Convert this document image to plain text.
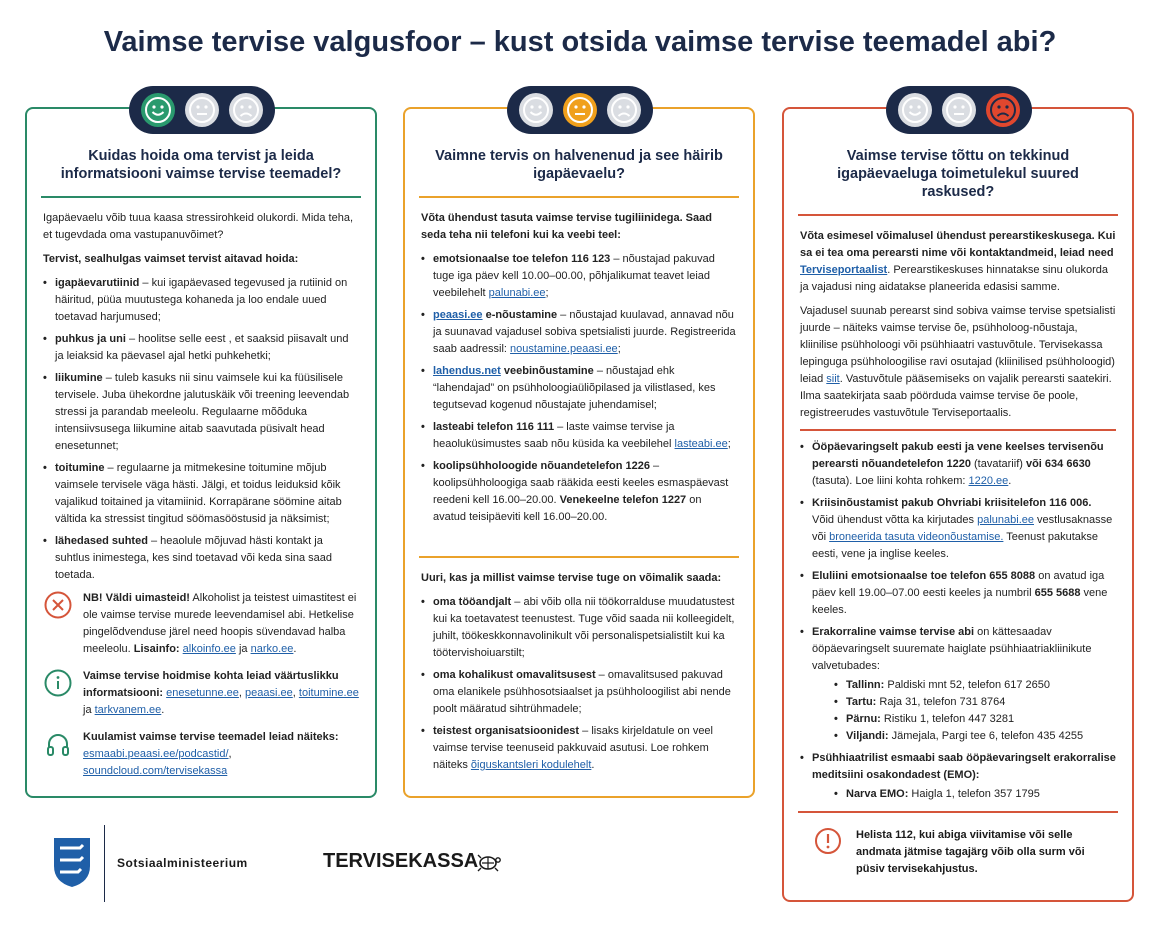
Vaimse tervise valgusfoor – kust otsida vaimse tervise teemadel abi?
Kuidas hoida oma tervist ja leida informatsiooni vaimse tervise teemadel?

Igapäevaelu võib tuua kaasa stressirohkeid olukordi. Mida teha, et tugevdada oma vastupanuvõimet?

Tervist, sealhulgas vaimset tervist aitavad hoida:

• igapäevarutiinid – kui igapäevased tegevused ja rutiinid on häiritud, püüa muutustega kohaneda ja loo endale uued toetavad harjumused;
• puhkus ja uni – hoolitse selle eest , et saaksid piisavalt und ja leiaksid ka päevasel ajal hetki puhkehetki;
• liikumine – tuleb kasuks nii sinu vaimsele kui ka füüsilisele tervisele. Juba ühekordne jalutuskäik või treening leevendab stressi ja parandab meeleolu. Regulaarne mõõduka intensiivsusega liikumine aitab saavutada püsivalt head enesetunnet;
• toitumine – regulaarne ja mitmekesine toitumine mõjub vaimsele tervisele väga hästi. Jälgi, et toidus leiduksid kõik vajalikud toitained ja vitamiinid. Korrapärane söömine aitab vältida ka stressist tingitud söömasööstusid ja näksimist;
• lähedased suhted – heaolule mõjuvad hästi kontakt ja suhtlus inimestega, kes sind toetavad või keda sina saad toetada.
NB! Väldi uimasteid! Alkoholist ja teistest uimastitest ei ole vaimse tervise murede leevendamisel abi. Hetkelise pingelõdvenduse järel need hoopis süvendavad halba meeleolu. Lisainfo: alkoinfo.ee ja narko.ee.
Vaimse tervise hoidmise kohta leiad väärtuslikku informatsiooni: enesetunne.ee, peaasi.ee, toitumine.ee ja tarkvanem.ee.
Kuulamist vaimse tervise teemadel leiad näiteks:
esmaabi.peaasi.ee/podcastid/,
soundcloud.com/tervisekassa
Vaimne tervis on halvenenud ja see häirib igapäevaelu?

Võta ühendust tasuta vaimse tervise tugiliinidega. Saad seda teha nii telefoni kui ka veebi teel:

• emotsionaalse toe telefon 116 123 – nõustajad pakuvad tuge iga päev kell 10.00–00.00, põhjalikumat teavet leiad veebilehelt palunabi.ee;
• peaasi.ee e-nõustamine – nõustajad kuulavad, annavad nõu ja suunavad vajadusel sobiva spetsialisti juurde. Registreerida saab aadressil: noustamine.peaasi.ee;
• lahendus.net veebinõustamine – nõustajad ehk “lahendajad” on psühholoogiaüliõpilased ja vilistlased, kes tegutsevad kogenud nõustajate juhendamisel;
• lasteabi telefon 116 111 – laste vaimse tervise ja heaoluküsimustes saab nõu küsida ka veebilehel lasteabi.ee;
• koolipsühholoogide nõuandetelefon 1226 – koolipsühholoogiga saab rääkida eesti keeles esmaspäevast reedeni kell 16.00–20.00. Venekeelne telefon 1227 on avatud teisipäeviti kell 16.00–20.00.

Uuri, kas ja millist vaimse tervise tuge on võimalik saada:

• oma tööandjalt – abi võib olla nii töökorralduse muudatustest kui ka toetavatest teenustest. Tuge võid saada nii kolleegidelt, juhilt, töökeskkonnavolinikult või personalispetsialistilt kui ka töötervishoiuarstilt;
• oma kohalikust omavalitsusest – omavalitsused pakuvad oma elanikele psühhosotsiaalset ja psühholoogilist abi nende poolt määratud sihtrühmadele;
• teistest organisatsioonidest – lisaks kirjeldatule on veel vaimse tervise teenuseid pakkuvaid asutusi. Loe rohkem näiteks õiguskantsleri kodulehelt.
Vaimse tervise tõttu on tekkinud igapäevaeluga toimetulekul suured raskused?

Võta esimesel võimalusel ühendust perearstikeskusega. Kui sa ei tea oma perearsti nime või kontaktandmeid, leiad need Terviseportaalist. Perearstikeskuses hinnatakse sinu olukorda ja vajadusi ning aidatakse planeerida edasisi samme.

Vajadusel suunab perearst sind sobiva vaimse tervise spetsialisti juurde – näiteks vaimse tervise õe, psühholoog-nõustaja, kliinilise psühholoogi või psühhiaatri vastuvõtule. Tervisekassa lepinguga psühholoogilise ravi osutajad (kliinilised psühholoogid) leiad siit. Vastuvõtule pääsemiseks on vajalik perearsti saatekiri. Ilma saatekirjata saab pöörduda vaimse tervise õe poole, registreerudes vastuvõtule Terviseportaalis.

• Ööpäevaringselt pakub eesti ja vene keelses tervisenõu perearsti nõuandetelefon 1220 (tavatariif) või 634 6630 (tasuta). Loe liini kohta rohkem: 1220.ee.
• Kriisinõustamist pakub Ohvriabi kriisitelefon 116 006. Võid ühendust võtta ka kirjutades palunabi.ee vestlusaknasse või broneerida tasuta videonõustamise. Teenust pakutakse eesti, vene ja inglise keeles.
• Eluliini emotsionaalse toe telefon 655 8088 on avatud iga päev kell 19.00–07.00 eesti keeles ja numbril 655 5688 vene keeles.
• Erakorraline vaimse tervise abi on kättesaadav ööpäevaringselt suuremate haiglate psühhiaatriakliinikute valvetubades:
• Tallinn: Paldiski mnt 52, telefon 617 2650
• Tartu: Raja 31, telefon 731 8764
• Pärnu: Ristiku 1, telefon 447 3281
• Viljandi: Jämejala, Pargi tee 6, telefon 435 4255
• Psühhiaatrilist esmaabi saab ööpäevaringselt erakorralise meditsiini osakondadest (EMO):
• Narva EMO: Haigla 1, telefon 357 1795
Helista 112, kui abiga viivitamise või selle andmata jätmise tagajärg võib olla surm või püsiv tervisekahjustus.
Sotsiaalministeerium	TERVISEKASSA
